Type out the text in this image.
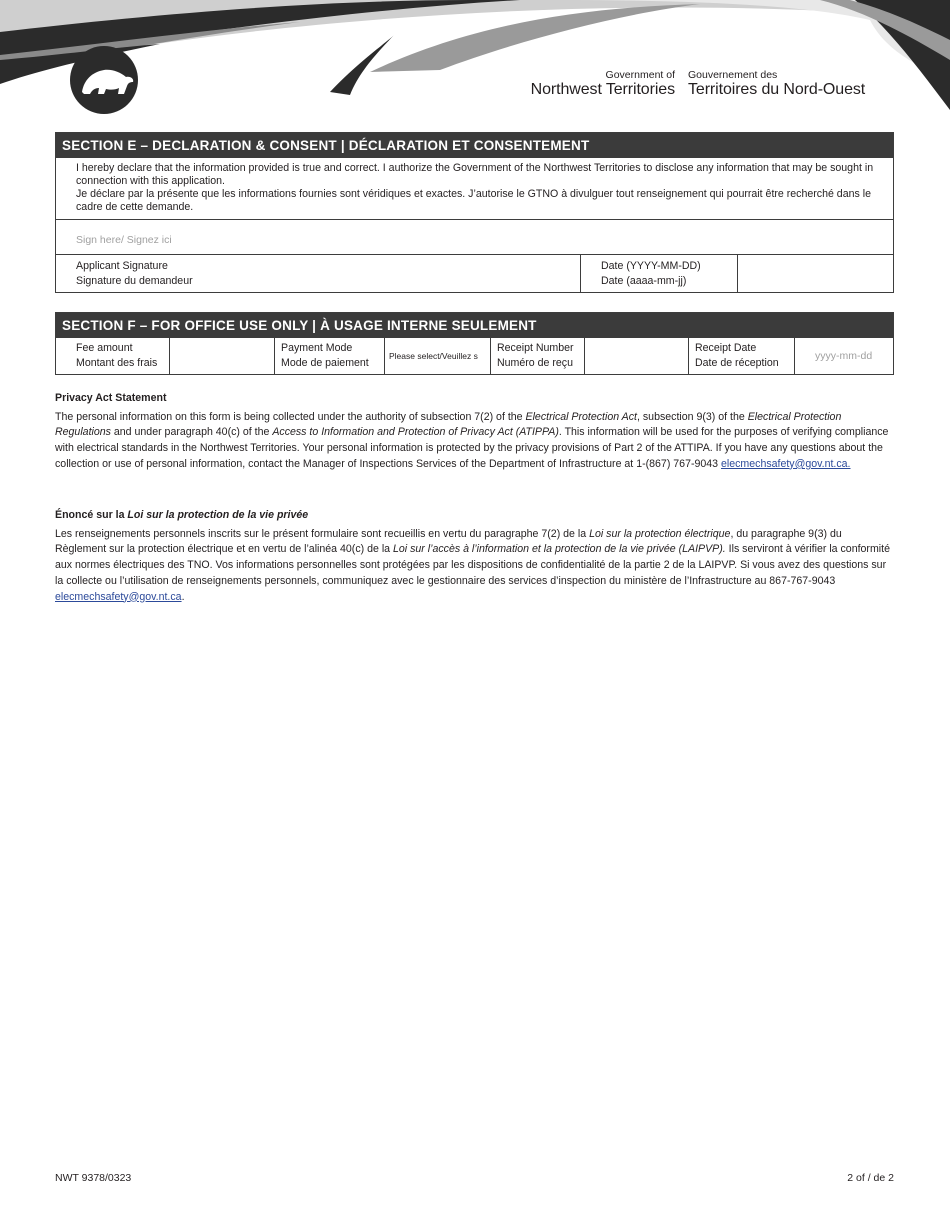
Government of
Northwest Territories
Gouvernement des
Territoires du Nord-Ouest
SECTION E – DECLARATION & CONSENT | DÉCLARATION ET CONSENTEMENT
I hereby declare that the information provided is true and correct. I authorize the Government of the Northwest Territories to disclose any information that may be sought in connection with this application.
Je déclare par la présente que les informations fournies sont véridiques et exactes. J’autorise le GTNO à divulguer tout renseignement qui pourrait être recherché dans le cadre de cette demande.
Sign here/ Signez ici
Applicant Signature
Signature du demandeur
Date (YYYY-MM-DD)
Date (aaaa-mm-jj)
SECTION F – FOR OFFICE USE ONLY | À USAGE INTERNE SEULEMENT
Fee amount
Montant des frais
Payment Mode
Mode de paiement
Please select/Veuillez s
Receipt Number
Numéro de reçu
Receipt Date
Date de réception
yyyy-mm-dd
Privacy Act Statement

The personal information on this form is being collected under the authority of subsection 7(2) of the Electrical Protection Act, subsection 9(3) of the Electrical Protection Regulations and under paragraph 40(c) of the Access to Information and Protection of Privacy Act (ATIPPA). This information will be used for the purposes of verifying compliance with electrical standards in the Northwest Territories. Your personal information is protected by the privacy provisions of Part 2 of the ATTIPA. If you have any questions about the collection or use of personal information, contact the Manager of Inspections Services of the Department of Infrastructure at 1-(867) 767-9043 elecmechsafety@gov.nt.ca.

Énoncé sur la Loi sur la protection de la vie privée

Les renseignements personnels inscrits sur le présent formulaire sont recueillis en vertu du paragraphe 7(2) de la Loi sur la protection électrique, du paragraphe 9(3) du Règlement sur la protection électrique et en vertu de l’alinéa 40(c) de la Loi sur l’accès à l’information et la protection de la vie privée (LAIPVP). Ils serviront à vérifier la conformité aux normes électriques des TNO. Vos informations personnelles sont protégées par les dispositions de confidentialité de la partie 2 de la LAIPVP. Si vous avez des questions sur la collecte ou l’utilisation de renseignements personnels, communiquez avec le gestionnaire des services d’inspection du ministère de l’Infrastructure au 867-767-9043 elecmechsafety@gov.nt.ca.

NWT 9378/0323	2 of / de 2
